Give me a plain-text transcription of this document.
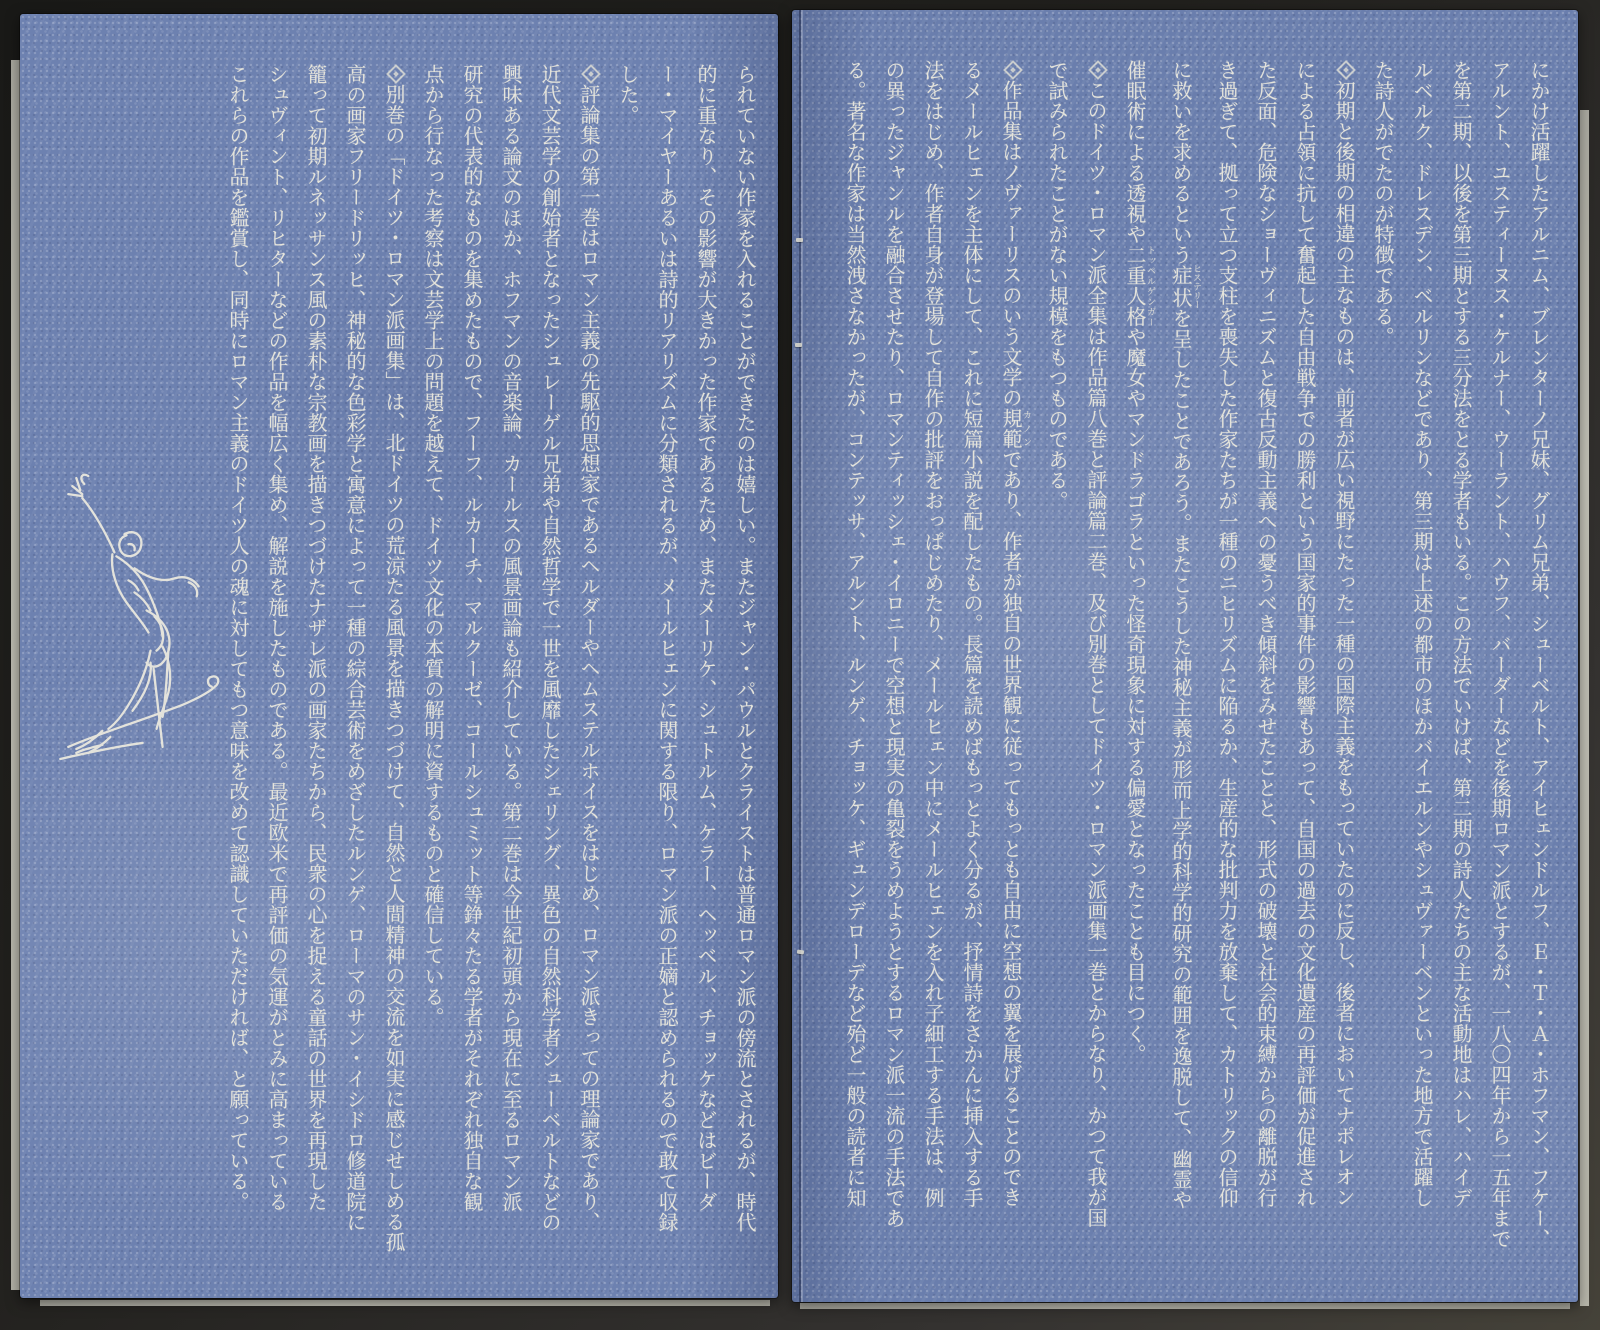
られていない作家を入れることができたのは嬉しい。またジャン・パウルとクライストは普通ロマン派の傍流とされるが、時代

的に重なり、その影響が大きかった作家であるため、またメーリケ、シュトルム、ケラー、ヘッベル、チョッケなどはビーダ

ー・マイヤーあるいは詩的リアリズムに分類されるが、メールヒェンに関する限り、ロマン派の正嫡と認められるので敢て収録

した。

評論集の第一巻はロマン主義の先駆的思想家であるヘルダーやヘムステルホイスをはじめ、ロマン派きっての理論家であり、

近代文芸学の創始者となったシュレーゲル兄弟や自然哲学で一世を風靡したシェリング、異色の自然科学者シューベルトなどの

興味ある論文のほか、ホフマンの音楽論、カールスの風景画論も紹介している。第二巻は今世紀初頭から現在に至るロマン派

研究の代表的なものを集めたもので、フーフ、ルカーチ、マルクーゼ、コールシュミット等錚々たる学者がそれぞれ独自な観

点から行なった考察は文芸学上の問題を越えて、ドイツ文化の本質の解明に資するものと確信している。

別巻の「ドイツ・ロマン派画集」は、北ドイツの荒涼たる風景を描きつづけて、自然と人間精神の交流を如実に感じせしめる孤

高の画家フリードリッヒ、神秘的な色彩学と寓意によって一種の綜合芸術をめざしたルンゲ、ローマのサン・イシドロ修道院に

籠って初期ルネッサンス風の素朴な宗教画を描きつづけたナザレ派の画家たちから、民衆の心を捉える童話の世界を再現した

シュヴィント、リヒターなどの作品を幅広く集め、解説を施したものである。最近欧米で再評価の気運がとみに高まっている

これらの作品を鑑賞し、同時にロマン主義のドイツ人の魂に対してもつ意味を改めて認識していただければ、と願っている。	にかけ活躍したアルニム、ブレンターノ兄妹、グリム兄弟、シューベルト、アイヒェンドルフ、Ｅ・Ｔ・Ａ・ホフマン、フケー、

アルント、ユスティーヌス・ケルナー、ウーラント、ハウフ、バーダーなどを後期ロマン派とするが、一八〇四年から一五年まで

を第二期、以後を第三期とする三分法をとる学者もいる。この方法でいけば、第二期の詩人たちの主な活動地はハレ、ハイデ

ルベルク、ドレスデン、ベルリンなどであり、第三期は上述の都市のほかバイエルンやシュヴァーベンといった地方で活躍し

た詩人がでたのが特徴である。

初期と後期の相違の主なものは、前者が広い視野にたった一種の国際主義をもっていたのに反し、後者においてナポレオン

による占領に抗して奮起した自由戦争での勝利という国家的事件の影響もあって、自国の過去の文化遺産の再評価が促進され

た反面、危険なショーヴィニズムと復古反動主義への憂うべき傾斜をみせたことと、形式の破壊と社会的束縛からの離脱が行

き過ぎて、拠って立つ支柱を喪失した作家たちが一種のニヒリズムに陥るか、生産的な批判力を放棄して、カトリックの信仰

に救いを求めるという症状ヒステリーを呈したことであろう。またこうした神秘主義が形而上学的科学的研究の範囲を逸脱して、幽霊や

催眠術による透視や二重人格トッペルゲンガーや魔女やマンドラゴラといった怪奇現象に対する偏愛となったことも目につく。

このドイツ・ロマン派全集は作品篇八巻と評論篇二巻、及び別巻としてドイツ・ロマン派画集一巻とからなり、かつて我が国

で試みられたことがない規模をもつものである。

作品集はノヴァーリスのいう文学の規範カノンであり、作者が独自の世界観に従ってもっとも自由に空想の翼を展げることのでき

るメールヒェンを主体にして、これに短篇小説を配したもの。長篇を読めばもっとよく分るが、抒情詩をさかんに挿入する手

法をはじめ、作者自身が登場して自作の批評をおっぱじめたり、メールヒェン中にメールヒェンを入れ子細工する手法は、例

の異ったジャンルを融合させたり、ロマンティッシェ・イロニーで空想と現実の亀裂をうめようとするロマン派一流の手法であ

る。著名な作家は当然洩さなかったが、コンテッサ、アルント、ルンゲ、チョッケ、ギュンデローデなど殆ど一般の読者に知
